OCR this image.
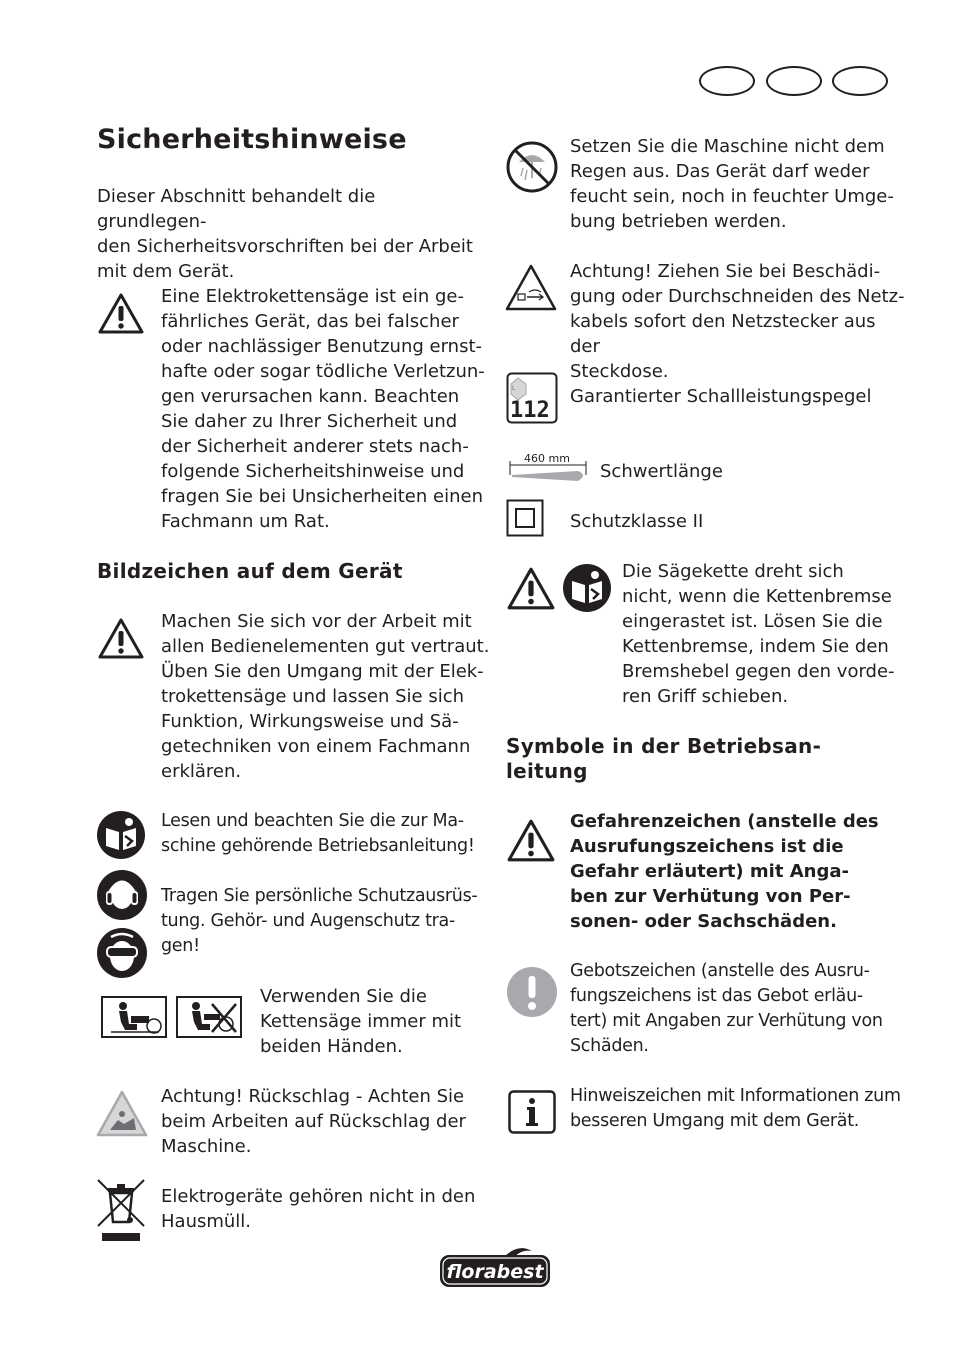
Sicherheitshinweise
Dieser Abschnitt behandelt die grundlegen-
den Sicherheitsvorschriften bei der Arbeit
mit dem Gerät.
Eine Elektrokettensäge ist ein ge-
fährliches Gerät, das bei falscher
oder nachlässiger Benutzung ernst-
hafte oder sogar tödliche Verletzun-
gen verursachen kann. Beachten
Sie daher zu Ihrer Sicherheit und
der Sicherheit anderer stets nach-
folgende Sicherheitshinweise und
fragen Sie bei Unsicherheiten einen
Fachmann um Rat.
Bildzeichen auf dem Gerät
Machen Sie sich vor der Arbeit mit
allen Bedienelementen gut vertraut.
Üben Sie den Umgang mit der Elek-
trokettensäge und lassen Sie sich
Funktion, Wirkungsweise und Sä-
getechniken von einem Fachmann
erklären.
Lesen und beachten Sie die zur Ma-
schine gehörende Betriebsanleitung!
Tragen Sie persönliche Schutzausrüs-
tung. Gehör- und Augenschutz tra-
gen!
Verwenden Sie die
Kettensäge immer mit
beiden Händen.
Achtung! Rückschlag - Achten Sie
beim Arbeiten auf Rückschlag der
Maschine.
Elektrogeräte gehören nicht in den
Hausmüll.
Setzen Sie die Maschine nicht dem
Regen aus. Das Gerät darf weder
feucht sein, noch in feuchter Umge-
bung betrieben werden.
Achtung! Ziehen Sie bei Beschädi-
gung oder Durchschneiden des Netz-
kabels sofort den Netzstecker aus der
Steckdose.
L
112
Garantierter Schallleistungspegel
460 mm
Schwertlänge
Schutzklasse II
Die Sägekette dreht sich
nicht, wenn die Kettenbremse
eingerastet ist. Lösen Sie die
Kettenbremse, indem Sie den
Bremshebel gegen den vorde-
ren Griff schieben.
Symbole in der Betriebsan-
leitung
Gefahrenzeichen (anstelle des
Ausrufungszeichens ist die
Gefahr erläutert) mit Anga-
ben zur Verhütung von Per-
sonen- oder Sachschäden.
Gebotszeichen (anstelle des Ausru-
fungszeichens ist das Gebot erläu-
tert) mit Angaben zur Verhütung von
Schäden.
Hinweiszeichen mit Informationen zum
besseren Umgang mit dem Gerät.
florabest
